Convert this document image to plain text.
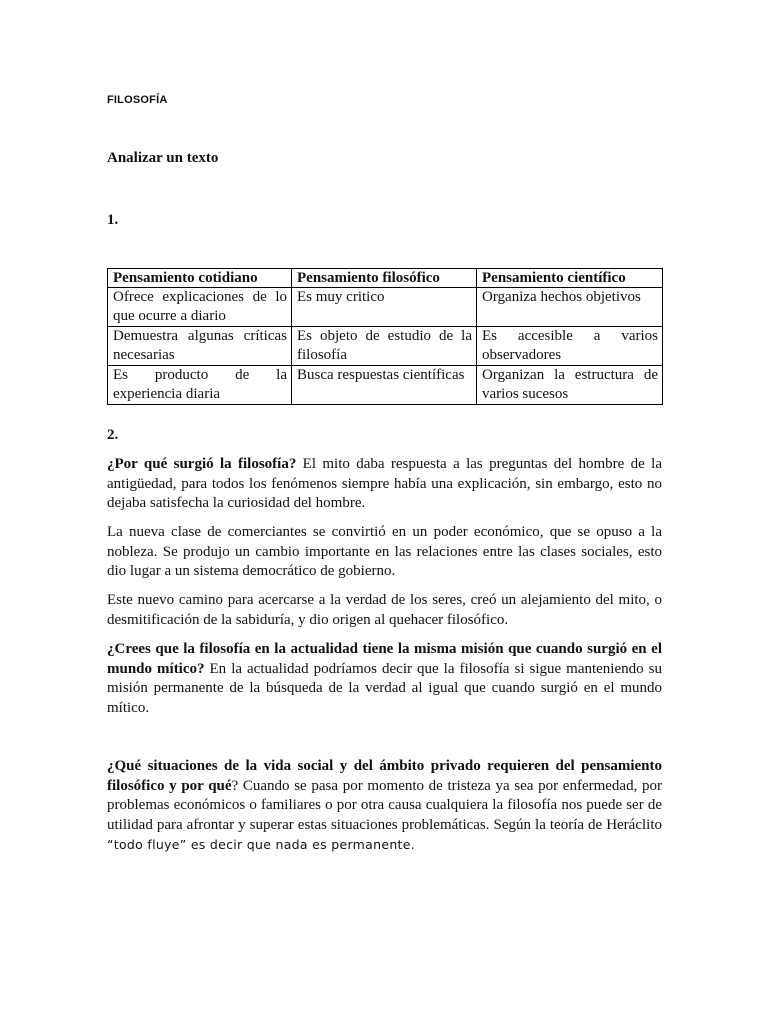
FILOSOFÍA
Analizar un texto
1.
Pensamiento cotidiano	Pensamiento filosófico	Pensamiento científico
Ofrece explicaciones de lo que ocurre a diario	Es muy critico	Organiza hechos objetivos
Demuestra algunas críticas necesarias	Es objeto de estudio de la filosofía	Es accesible a varios observadores
Es producto de la experiencia diaria	Busca respuestas científicas	Organizan la estructura de varios sucesos
2.

¿Por qué surgió la filosofía? El mito daba respuesta a las preguntas del hombre de la antigüedad, para todos los fenómenos siempre había una explicación, sin embargo, esto no dejaba satisfecha la curiosidad del hombre.

La nueva clase de comerciantes se convirtió en un poder económico, que se opuso a la nobleza. Se produjo un cambio importante en las relaciones entre las clases sociales, esto dio lugar a un sistema democrático de gobierno.

Este nuevo camino para acercarse a la verdad de los seres, creó un alejamiento del mito, o desmitificación de la sabiduría, y dio origen al quehacer filosófico.

¿Crees que la filosofía en la actualidad tiene la misma misión que cuando surgió en el mundo mítico? En la actualidad podríamos decir que la filosofía si sigue manteniendo su misión permanente de la búsqueda de la verdad al igual que cuando surgió en el mundo mítico.

¿Qué situaciones de la vida social y del ámbito privado requieren del pensamiento filosófico y por qué? Cuando se pasa por momento de tristeza ya sea por enfermedad, por problemas económicos o familiares o por otra causa cualquiera la filosofía nos puede ser de utilidad para afrontar y superar estas situaciones problemáticas. Según la teoría de Heráclito “todo fluye” es decir que nada es permanente.
